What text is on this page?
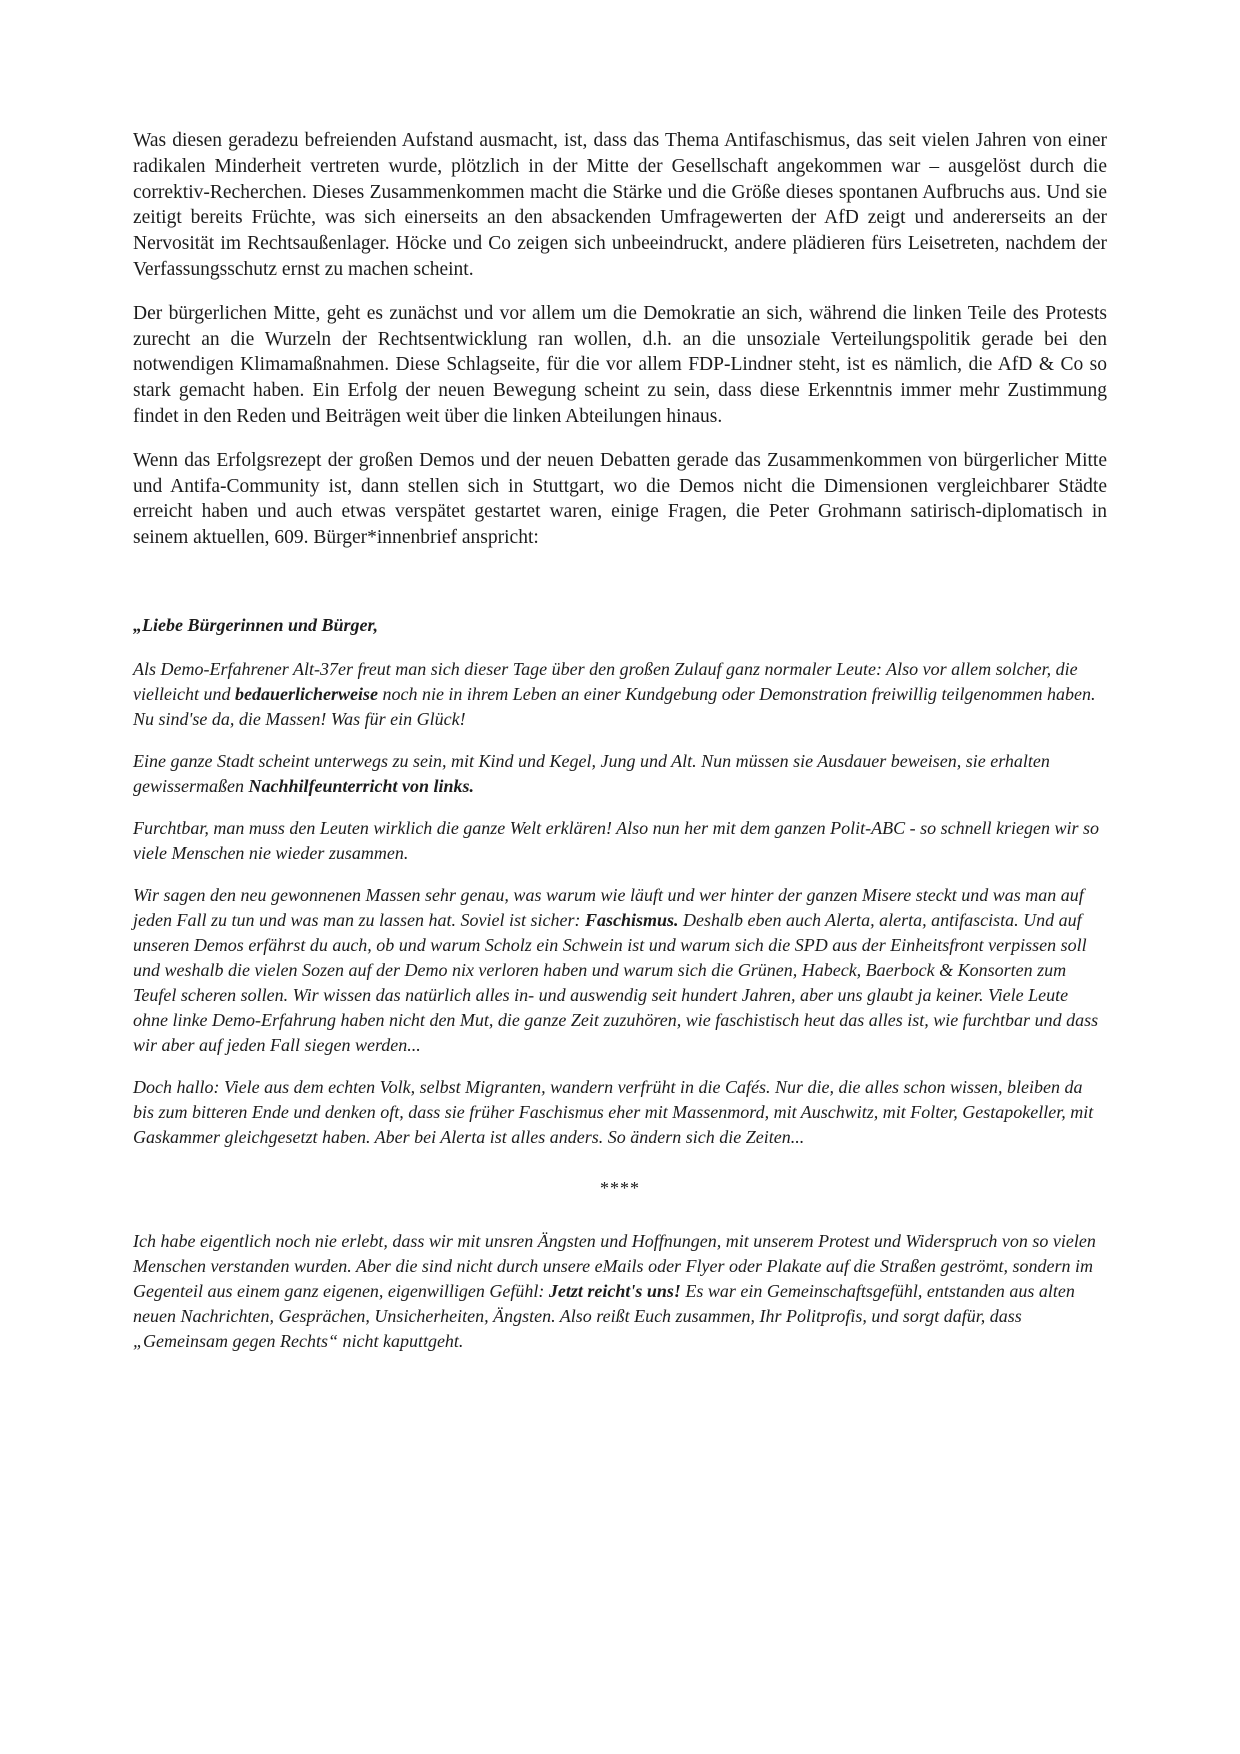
Was diesen geradezu befreienden Aufstand ausmacht, ist, dass das Thema Antifaschismus, das seit vielen Jahren von einer radikalen Minderheit vertreten wurde, plötzlich in der Mitte der Gesellschaft angekommen war – ausgelöst durch die correktiv-Recherchen. Dieses Zusammenkommen macht die Stärke und die Größe dieses spontanen Aufbruchs aus. Und sie zeitigt bereits Früchte, was sich einerseits an den absackenden Umfragewerten der AfD zeigt und andererseits an der Nervosität im Rechtsaußenlager. Höcke und Co zeigen sich unbeeindruckt, andere plädieren fürs Leisetreten, nachdem der Verfassungsschutz ernst zu machen scheint.

Der bürgerlichen Mitte, geht es zunächst und vor allem um die Demokratie an sich, während die linken Teile des Protests zurecht an die Wurzeln der Rechtsentwicklung ran wollen, d.h. an die unsoziale Verteilungspolitik gerade bei den notwendigen Klimamaßnahmen. Diese Schlagseite, für die vor allem FDP-Lindner steht, ist es nämlich, die AfD & Co so stark gemacht haben. Ein Erfolg der neuen Bewegung scheint zu sein, dass diese Erkenntnis immer mehr Zustimmung findet in den Reden und Beiträgen weit über die linken Abteilungen hinaus.

Wenn das Erfolgsrezept der großen Demos und der neuen Debatten gerade das Zusammenkommen von bürgerlicher Mitte und Antifa-Community ist, dann stellen sich in Stuttgart, wo die Demos nicht die Dimensionen vergleichbarer Städte erreicht haben und auch etwas verspätet gestartet waren, einige Fragen, die Peter Grohmann satirisch-diplomatisch in seinem aktuellen, 609. Bürger*innenbrief anspricht:

„Liebe Bürgerinnen und Bürger,

Als Demo-Erfahrener Alt-37er freut man sich dieser Tage über den großen Zulauf ganz normaler Leute: Also vor allem solcher, die vielleicht und bedauerlicherweise noch nie in ihrem Leben an einer Kundgebung oder Demonstration freiwillig teilgenommen haben. Nu sind'se da, die Massen! Was für ein Glück!

Eine ganze Stadt scheint unterwegs zu sein, mit Kind und Kegel, Jung und Alt. Nun müssen sie Ausdauer beweisen, sie erhalten gewissermaßen Nachhilfeunterricht von links.

Furchtbar, man muss den Leuten wirklich die ganze Welt erklären! Also nun her mit dem ganzen Polit-ABC - so schnell kriegen wir so viele Menschen nie wieder zusammen.

Wir sagen den neu gewonnenen Massen sehr genau, was warum wie läuft und wer hinter der ganzen Misere steckt und was man auf jeden Fall zu tun und was man zu lassen hat. Soviel ist sicher: Faschismus. Deshalb eben auch Alerta, alerta, antifascista. Und auf unseren Demos erfährst du auch, ob und warum Scholz ein Schwein ist und warum sich die SPD aus der Einheitsfront verpissen soll und weshalb die vielen Sozen auf der Demo nix verloren haben und warum sich die Grünen, Habeck, Baerbock & Konsorten zum Teufel scheren sollen. Wir wissen das natürlich alles in- und auswendig seit hundert Jahren, aber uns glaubt ja keiner. Viele Leute ohne linke Demo-Erfahrung haben nicht den Mut, die ganze Zeit zuzuhören, wie faschistisch heut das alles ist, wie furchtbar und dass wir aber auf jeden Fall siegen werden...

Doch hallo: Viele aus dem echten Volk, selbst Migranten, wandern verfrüht in die Cafés. Nur die, die alles schon wissen, bleiben da bis zum bitteren Ende und denken oft, dass sie früher Faschismus eher mit Massenmord, mit Auschwitz, mit Folter, Gestapokeller, mit Gaskammer gleichgesetzt haben. Aber bei Alerta ist alles anders. So ändern sich die Zeiten...

****

Ich habe eigentlich noch nie erlebt, dass wir mit unsren Ängsten und Hoffnungen, mit unserem Protest und Widerspruch von so vielen Menschen verstanden wurden. Aber die sind nicht durch unsere eMails oder Flyer oder Plakate auf die Straßen geströmt, sondern im Gegenteil aus einem ganz eigenen, eigenwilligen Gefühl: Jetzt reicht's uns! Es war ein Gemeinschaftsgefühl, entstanden aus alten neuen Nachrichten, Gesprächen, Unsicherheiten, Ängsten. Also reißt Euch zusammen, Ihr Politprofis, und sorgt dafür, dass „Gemeinsam gegen Rechts“ nicht kaputtgeht.
